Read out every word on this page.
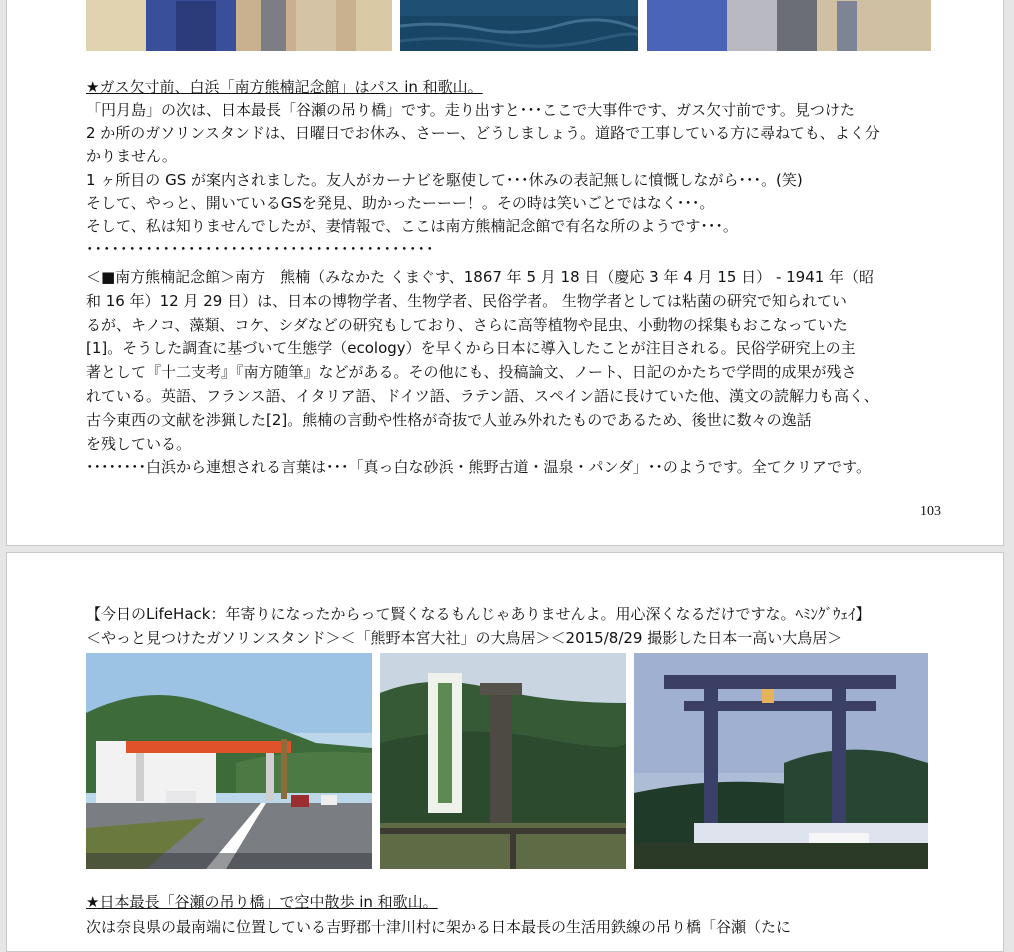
★ガス欠寸前、白浜「南方熊楠記念館」はパス in 和歌山。
「円月島」の次は、日本最長「谷瀬の吊り橋」です。走り出すと･･･ここで大事件です、ガス欠寸前です。見つけた
2 か所のガソリンスタンドは、日曜日でお休み、さーー、どうしましょう。道路で工事している方に尋ねても、よく分
かりません。
1 ヶ所目の GS が案内されました。友人がカーナビを駆使して･･･休みの表記無しに憤慨しながら･･･。(笑)
そして、やっと、開いているGSを発見、助かったーーー！。その時は笑いごとではなく･･･。
そして、私は知りませんでしたが、妻情報で、ここは南方熊楠記念館で有名な所のようです･･･。
･････････････････････････････････････････
＜■南方熊楠記念館＞南方　熊楠（みなかた くまぐす、1867 年 5 月 18 日（慶応 3 年 4 月 15 日） - 1941 年（昭
和 16 年）12 月 29 日）は、日本の博物学者、生物学者、民俗学者。 生物学者としては粘菌の研究で知られてい
るが、キノコ、藻類、コケ、シダなどの研究もしており、さらに高等植物や昆虫、小動物の採集もおこなっていた
[1]。そうした調査に基づいて生態学（ecology）を早くから日本に導入したことが注目される。民俗学研究上の主
著として『十二支考』『南方随筆』などがある。その他にも、投稿論文、ノート、日記のかたちで学問的成果が残さ
れている。英語、フランス語、イタリア語、ドイツ語、ラテン語、スペイン語に長けていた他、漢文の読解力も高く、
古今東西の文献を渉猟した[2]。熊楠の言動や性格が奇抜で人並み外れたものであるため、後世に数々の逸話
を残している。
････････白浜から連想される言葉は･･･「真っ白な砂浜・熊野古道・温泉・パンダ」･･のようです。全てクリアです。
103
【今日のLifeHack：年寄りになったからって賢くなるもんじゃありませんよ。用心深くなるだけですな。ﾍﾐﾝｸﾞｳｪｲ】
＜やっと見つけたガソリンスタンド＞＜「熊野本宮大社」の大鳥居＞＜2015/8/29 撮影した日本一高い大鳥居＞
★日本最長「谷瀬の吊り橋」で空中散歩 in 和歌山。
次は奈良県の最南端に位置している吉野郡十津川村に架かる日本最長の生活用鉄線の吊り橋「谷瀬（たに
